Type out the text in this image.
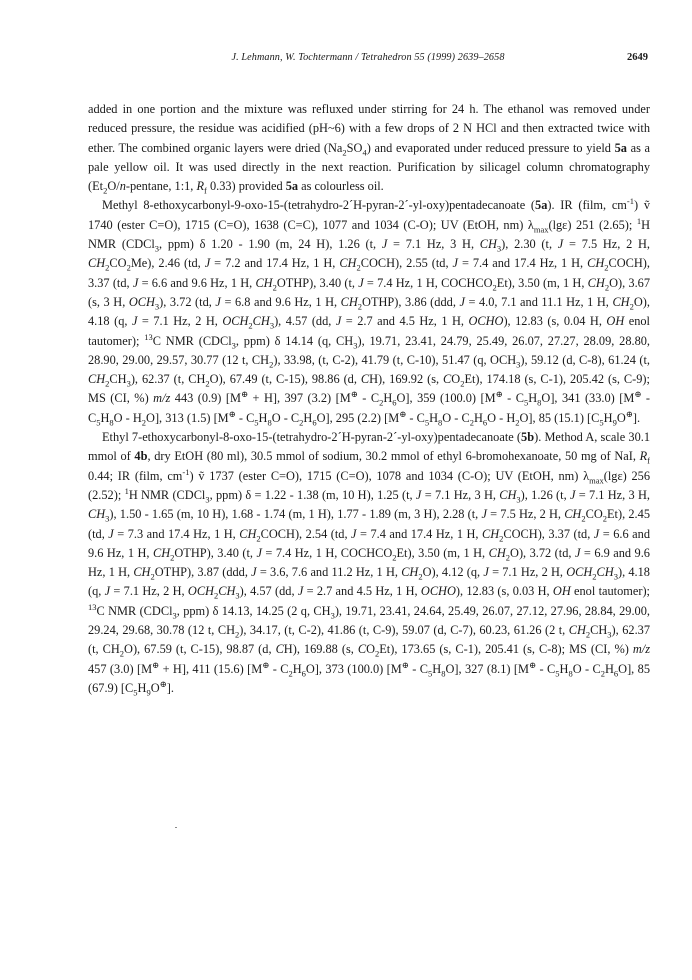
J. Lehmann, W. Tochtermann / Tetrahedron 55 (1999) 2639–2658	2649

added in one portion and the mixture was refluxed under stirring for 24 h. The ethanol was removed under reduced pressure, the residue was acidified (pH~6) with a few drops of 2 N HCl and then extracted twice with ether. The combined organic layers were dried $(Na_2SO_4)$ and evaporated under reduced pressure to yield 5a as a pale yellow oil. It was used directly in the next reaction. Purification by silicagel column chromatography ($Et_2O/n$-pentane, 1:1, $R_f$ 0.33) provided 5a as colourless oil.

Methyl 8-ethoxycarbonyl-9-oxo-15-(tetrahydro-2´H-pyran-2´-yl-oxy)pentadecanoate (5a). IR (film, $cm^{-1}$) ṽ 1740 (ester C=O), 1715 (C=O), 1638 (C=C), 1077 and 1034 (C-O); UV (EtOH, nm) $\lambda_{max}(\lg\varepsilon)$ 251 (2.65); $^1$H NMR (CDCl$_3$, ppm) δ 1.20 - 1.90 (m, 24 H), 1.26 (t, J = 7.1 Hz, 3 H, $CH_3$), 2.30 (t, J = 7.5 Hz, 2 H, $CH_2CO_2Me$), 2.46 (td, J = 7.2 and 17.4 Hz, 1 H, $CH_2COCH$), 2.55 (td, J = 7.4 and 17.4 Hz, 1 H, $CH_2COCH$), 3.37 (td, J = 6.6 and 9.6 Hz, 1 H, $CH_2OTHP$), 3.40 (t, J = 7.4 Hz, 1 H, $COCHCO_2Et$), 3.50 (m, 1 H, $CH_2O$), 3.67 (s, 3 H, $OCH_3$), 3.72 (td, J = 6.8 and 9.6 Hz, 1 H, $CH_2OTHP$), 3.86 (ddd, J = 4.0, 7.1 and 11.1 Hz, 1 H, $CH_2O$), 4.18 (q, J = 7.1 Hz, 2 H, $OCH_2CH_3$), 4.57 (dd, J = 2.7 and 4.5 Hz, 1 H, OCHO), 12.83 (s, 0.04 H, OH enol tautomer); $^{13}$C NMR (CDCl$_3$, ppm) δ 14.14 (q, $CH_3$), 19.71, 23.41, 24.79, 25.49, 26.07, 27.27, 28.09, 28.80, 28.90, 29.00, 29.57, 30.77 (12 t, $CH_2$), 33.98, (t, C-2), 41.79 (t, C-10), 51.47 (q, $OCH_3$), 59.12 (d, C-8), 61.24 (t, $CH_2CH_3$), 62.37 (t, $CH_2O$), 67.49 (t, C-15), 98.86 (d, CH), 169.92 (s, $CO_2Et$), 174.18 (s, C-1), 205.42 (s, C-9); MS (CI, %) m/z 443 (0.9) [M⊕ + H], 397 (3.2) $[M^\oplus - C_2H_6O]$, 359 (100.0) $[M^\oplus - C_5H_8O]$, 341 (33.0) $[M^\oplus - C_5H_8O - H_2O]$, 313 (1.5) $[M^\oplus - C_5H_8O - C_2H_6O]$, 295 (2.2) $[M^\oplus - C_5H_8O - C_2H_6O - H_2O]$, 85 (15.1) $[C_5H_9O^\oplus]$.

Ethyl 7-ethoxycarbonyl-8-oxo-15-(tetrahydro-2´H-pyran-2´-yl-oxy)pentadecanoate (5b). Method A, scale 30.1 mmol of 4b, dry EtOH (80 ml), 30.5 mmol of sodium, 30.2 mmol of ethyl 6-bromohexanoate, 50 mg of NaI, $R_f$ 0.44; IR (film, $cm^{-1}$) ṽ 1737 (ester C=O), 1715 (C=O), 1078 and 1034 (C-O); UV (EtOH, nm) $\lambda_{max}(\lg\varepsilon)$ 256 (2.52); $^1$H NMR (CDCl$_3$, ppm) δ = 1.22 - 1.38 (m, 10 H), 1.25 (t, J = 7.1 Hz, 3 H, $CH_3$), 1.26 (t, J = 7.1 Hz, 3 H, $CH_3$), 1.50 - 1.65 (m, 10 H), 1.68 - 1.74 (m, 1 H), 1.77 - 1.89 (m, 3 H), 2.28 (t, J = 7.5 Hz, 2 H, $CH_2CO_2Et$), 2.45 (td, J = 7.3 and 17.4 Hz, 1 H, $CH_2COCH$), 2.54 (td, J = 7.4 and 17.4 Hz, 1 H, $CH_2COCH$), 3.37 (td, J = 6.6 and 9.6 Hz, 1 H, $CH_2OTHP$), 3.40 (t, J = 7.4 Hz, 1 H, $COCHCO_2Et$), 3.50 (m, 1 H, $CH_2O$), 3.72 (td, J = 6.9 and 9.6 Hz, 1 H, $CH_2OTHP$), 3.87 (ddd, J = 3.6, 7.6 and 11.2 Hz, 1 H, $CH_2O$), 4.12 (q, J = 7.1 Hz, 2 H, $OCH_2CH_3$), 4.18 (q, J = 7.1 Hz, 2 H, $OCH_2CH_3$), 4.57 (dd, J = 2.7 and 4.5 Hz, 1 H, OCHO), 12.83 (s, 0.03 H, OH enol tautomer); $^{13}$C NMR (CDCl$_3$, ppm) δ 14.13, 14.25 (2 q, $CH_3$), 19.71, 23.41, 24.64, 25.49, 26.07, 27.12, 27.96, 28.84, 29.00, 29.24, 29.68, 30.78 (12 t, $CH_2$), 34.17, (t, C-2), 41.86 (t, C-9), 59.07 (d, C-7), 60.23, 61.26 (2 t, $CH_2CH_3$), 62.37 (t, $CH_2O$), 67.59 (t, C-15), 98.87 (d, CH), 169.88 (s, $CO_2Et$), 173.65 (s, C-1), 205.41 (s, C-8); MS (CI, %) m/z 457 (3.0) [M⊕ + H], 411 (15.6) $[M^\oplus - C_2H_6O]$, 373 (100.0) $[M^\oplus - C_5H_8O]$, 327 (8.1) $[M^\oplus - C_5H_8O - C_2H_6O]$, 85 (67.9) $[C_5H_9O^\oplus]$.
